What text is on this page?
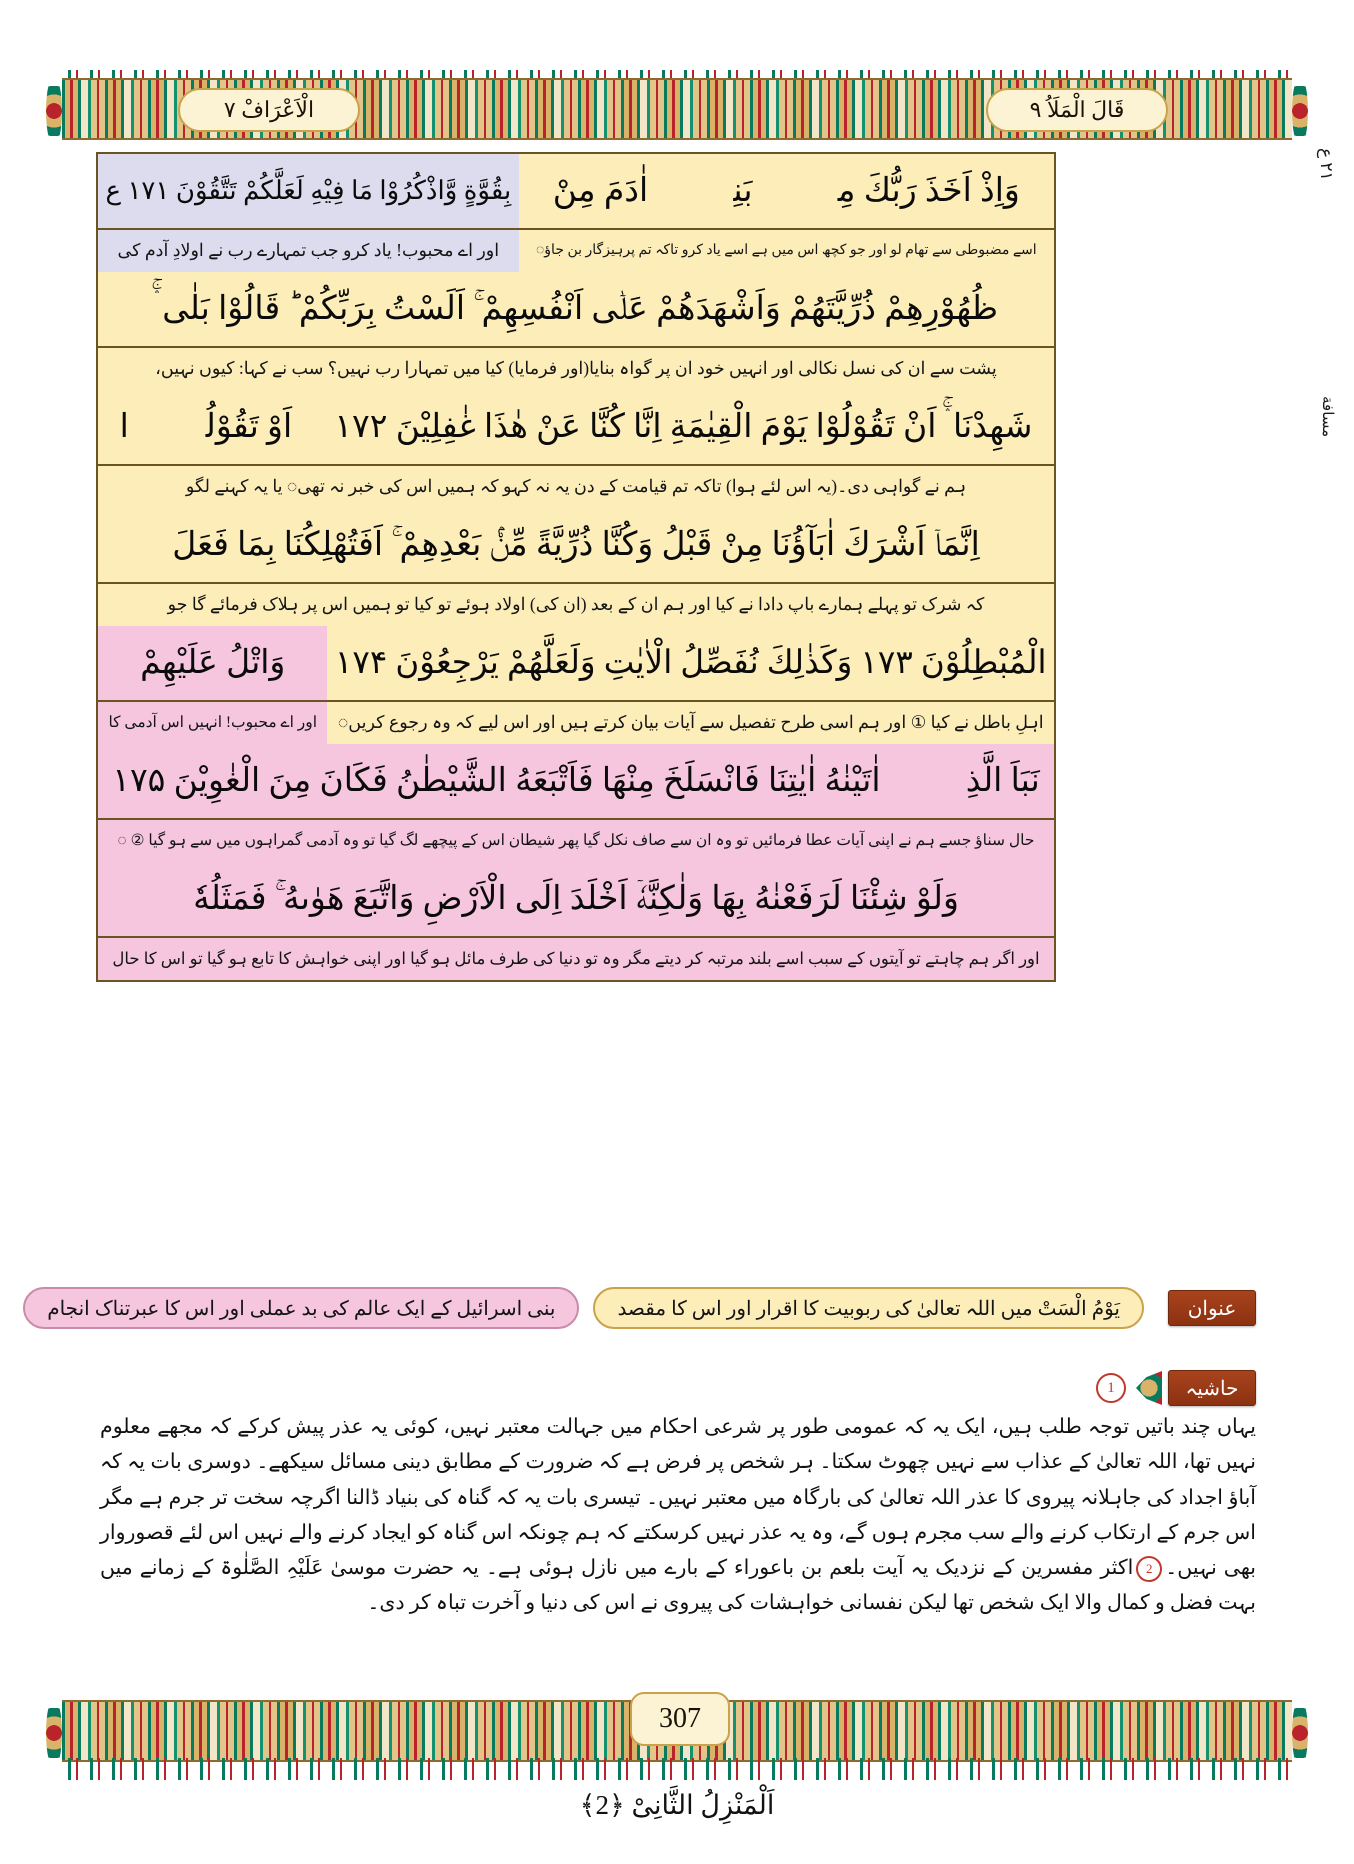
الْاَعْرَافْ ٧	قَالَ الْمَلَاُ ٩
٢١ ع
مسافة
وَاِذْ اَخَذَ رَبُّكَ مِنْۢ بَنِیْۤ اٰدَمَ مِنْ
بِقُوَّةٍ وَّاذْكُرُوْا مَا فِیْهِ لَعَلَّكُمْ تَتَّقُوْنَ ۱۷۱ ع
اسے مضبوطی سے تھام لو اور جو کچھ اس میں ہے اسے یاد کرو تاکہ تم پرہیزگار بن جاؤ◌
اور اے محبوب! یاد کرو جب تمہارے رب نے اولادِ آدم کی
ظُهُوْرِهِمْ ذُرِّیَّتَهُمْ وَاَشْهَدَهُمْ عَلٰۤى اَنْفُسِهِمْ ۚ اَلَسْتُ بِرَبِّكُمْ ؕ قَالُوْا بَلٰى ۛۚ
پشت سے ان کی نسل نکالی اور انہیں خود ان پر گواہ بنایا(اور فرمایا) کیا میں تمہارا رب نہیں؟ سب نے کہا: کیوں نہیں،
شَهِدْنَا ۛۚ اَنْ تَقُوْلُوْا یَوْمَ الْقِیٰمَةِ اِنَّا كُنَّا عَنْ هٰذَا غٰفِلِیْنَ ۱۷۲ ۙ اَوْ تَقُوْلُوْۤا
ہم نے گواہی دی۔(یہ اس لئے ہوا) تاکہ تم قیامت کے دن یہ نہ کہو کہ ہمیں اس کی خبر نہ تھی◌ یا یہ کہنے لگو
اِنَّمَاۤ اَشْرَكَ اٰبَآؤُنَا مِنْ قَبْلُ وَكُنَّا ذُرِّیَّةً مِّنْۢ بَعْدِهِمْ ۚ اَفَتُهْلِكُنَا بِمَا فَعَلَ
کہ شرک تو پہلے ہمارے باپ دادا نے کیا اور ہم ان کے بعد (ان کی) اولاد ہوئے تو کیا تو ہمیں اس پر ہلاک فرمائے گا جو
الْمُبْطِلُوْنَ ۱۷۳ وَكَذٰلِكَ نُفَصِّلُ الْاٰیٰتِ وَلَعَلَّهُمْ یَرْجِعُوْنَ ۱۷۴
وَاتْلُ عَلَیْهِمْ
اہلِ باطل نے کیا ① اور ہم اسی طرح تفصیل سے آیات بیان کرتے ہیں اور اس لیے کہ وہ رجوع کریں◌
اور اے محبوب! انہیں اس آدمی کا
نَبَاَ الَّذِیْۤ اٰتَیْنٰهُ اٰیٰتِنَا فَانْسَلَخَ مِنْهَا فَاَتْبَعَهُ الشَّیْطٰنُ فَكَانَ مِنَ الْغٰوِیْنَ ۱۷۵
حال سناؤ جسے ہم نے اپنی آیات عطا فرمائیں تو وہ ان سے صاف نکل گیا پھر شیطان اس کے پیچھے لگ گیا تو وہ آدمی گمراہوں میں سے ہو گیا ② ◌
وَلَوْ شِئْنَا لَرَفَعْنٰهُ بِهَا وَلٰكِنَّهٗۤ اَخْلَدَ اِلَى الْاَرْضِ وَاتَّبَعَ هَوٰىهُ ۚ فَمَثَلُهٗ
اور اگر ہم چاہتے تو آیتوں کے سبب اسے بلند مرتبہ کر دیتے مگر وہ تو دنیا کی طرف مائل ہو گیا اور اپنی خواہش کا تابع ہو گیا تو اس کا حال
عنوان
یَوْمُ الْسَتْ میں اللہ تعالیٰ کی ربوبیت کا اقرار اور اس کا مقصد
بنی اسرائیل کے ایک عالم کی بد عملی اور اس کا عبرتناک انجام
حاشیہ
1

یہاں چند باتیں توجہ طلب ہیں، ایک یہ کہ عمومی طور پر شرعی احکام میں جہالت معتبر نہیں، کوئی یہ عذر پیش کرکے کہ مجھے معلوم نہیں تھا، اللہ تعالیٰ کے عذاب سے نہیں چھوٹ سکتا۔ ہر شخص پر فرض ہے کہ ضرورت کے مطابق دینی مسائل سیکھے۔ دوسری بات یہ کہ آباؤ اجداد کی جاہلانہ پیروی کا عذر اللہ تعالیٰ کی بارگاہ میں معتبر نہیں۔ تیسری بات یہ کہ گناہ کی بنیاد ڈالنا اگرچہ سخت تر جرم ہے مگر اس جرم کے ارتکاب کرنے والے سب مجرم ہوں گے، وہ یہ عذر نہیں کرسکتے کہ ہم چونکہ اس گناہ کو ایجاد کرنے والے نہیں اس لئے قصوروار بھی نہیں۔2اکثر مفسرین کے نزدیک یہ آیت بلعم بن باعوراء کے بارے میں نازل ہوئی ہے۔ یہ حضرت موسیٰ عَلَیْہِ الصَّلٰوۃ کے زمانے میں بہت فضل و کمال والا ایک شخص تھا لیکن نفسانی خواہشات کی پیروی نے اس کی دنیا و آخرت تباہ کر دی۔

307
اَلْمَنْزِلُ الثَّانِیْ ﴿2﴾
